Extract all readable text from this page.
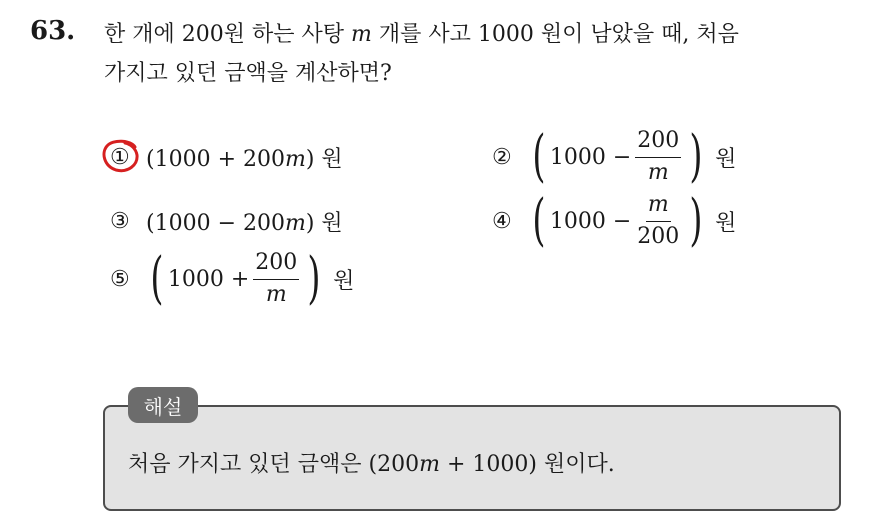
63. 한 개에 200원 하는 사탕 m 개를 사고 1000 원이 남았을 때, 처음
가지고 있던 금액을 계산하면?
① (1000 + 200m) 원	② ( $1000 - \frac{200}{m}$ ) 원
③ (1000 − 200m) 원	④ ( $1000 - \frac{m}{200}$ ) 원
⑤ ( $1000 + \frac{200}{m}$ ) 원
해설
처음 가지고 있던 금액은 (200m + 1000) 원이다.
